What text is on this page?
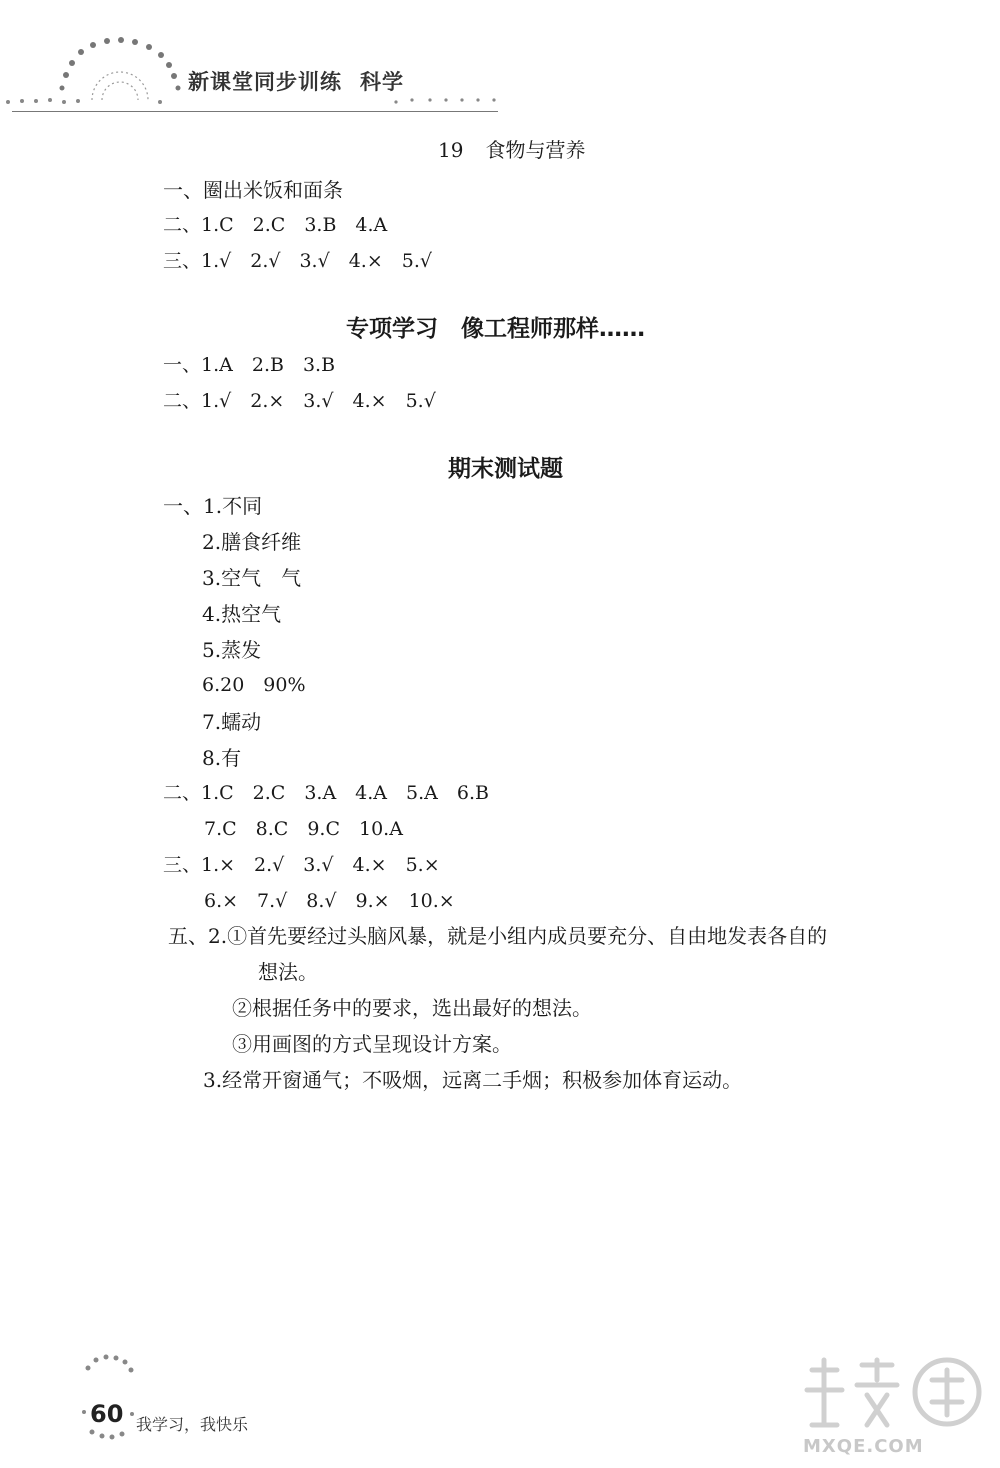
新课堂同步训练 科学
19 食物与营养
一、圈出米饭和面条
二、1.C　2.C　3.B　4.A
三、1.√　2.√　3.√　4.×　5.√
专项学习　像工程师那样……
一、1.A　2.B　3.B
二、1.√　2.×　3.√　4.×　5.√
期末测试题
一、1.不同
2.膳食纤维
3.空气　气
4.热空气
5.蒸发
6.20　90%
7.蠕动
8.有
二、1.C　2.C　3.A　4.A　5.A　6.B
7.C　8.C　9.C　10.A
三、1.×　2.√　3.√　4.×　5.×
6.×　7.√　8.√　9.×　10.×
五、2.①首先要经过头脑风暴，就是小组内成员要充分、自由地发表各自的
想法。
②根据任务中的要求，选出最好的想法。
③用画图的方式呈现设计方案。
3.经常开窗通气；不吸烟，远离二手烟；积极参加体育运动。
60 我学习，我快乐
MXQE.COM
